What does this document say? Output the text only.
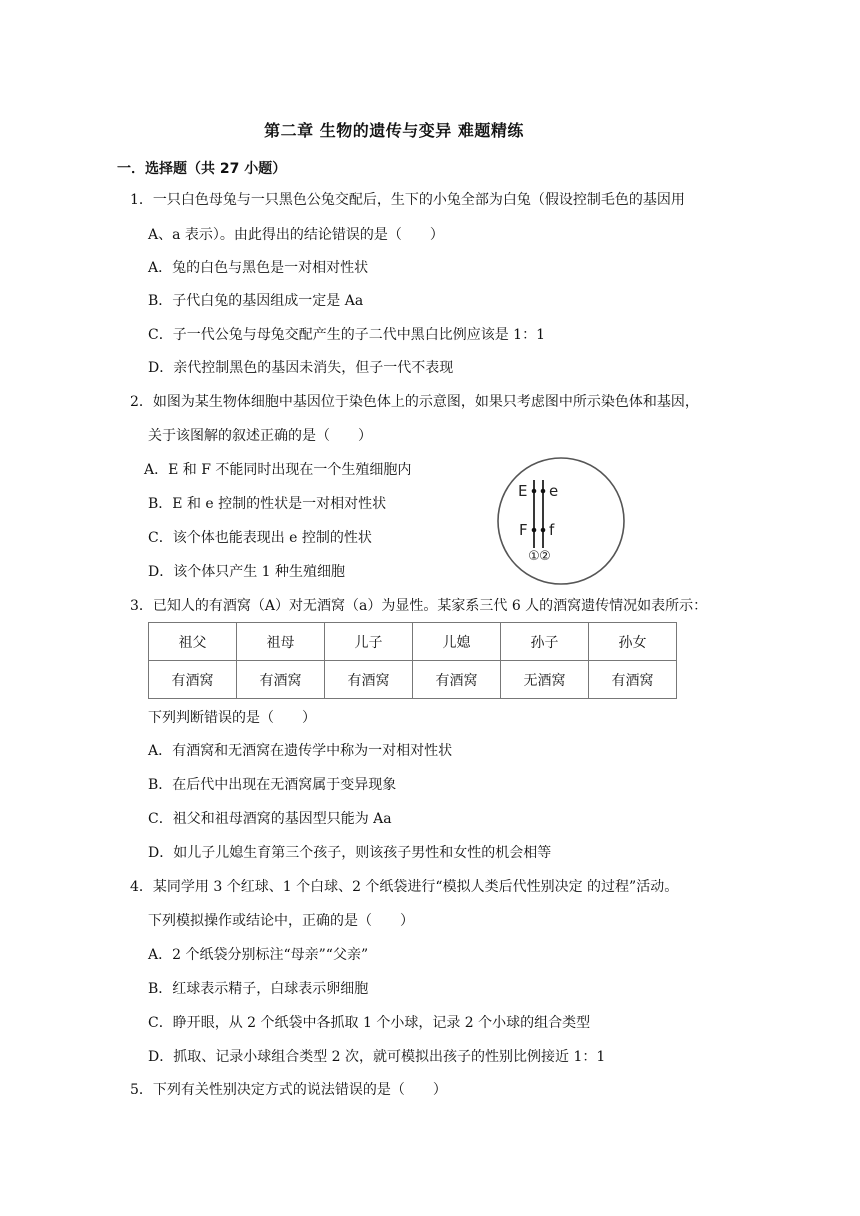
第二章 生物的遗传与变异 难题精练
一．选择题（共 27 小题）
1．一只白色母兔与一只黑色公兔交配后，生下的小兔全部为白兔（假设控制毛色的基因用
A、a 表示）。由此得出的结论错误的是（　　）
A．兔的白色与黑色是一对相对性状
B．子代白兔的基因组成一定是 Aa
C．子一代公兔与母兔交配产生的子二代中黑白比例应该是 1：1
D．亲代控制黑色的基因未消失，但子一代不表现
2．如图为某生物体细胞中基因位于染色体上的示意图，如果只考虑图中所示染色体和基因，
关于该图解的叙述正确的是（　　）
A．E 和 F 不能同时出现在一个生殖细胞内
B．E 和 e 控制的性状是一对相对性状
C．该个体也能表现出 e 控制的性状
D．该个体只产生 1 种生殖细胞
E e
F f
① ②
3．已知人的有酒窝（A）对无酒窝（a）为显性。某家系三代 6 人的酒窝遗传情况如表所示：
祖父	祖母	儿子	儿媳	孙子	孙女
有酒窝	有酒窝	有酒窝	有酒窝	无酒窝	有酒窝
下列判断错误的是（　　）
A．有酒窝和无酒窝在遗传学中称为一对相对性状
B．在后代中出现在无酒窝属于变异现象
C．祖父和祖母酒窝的基因型只能为 Aa
D．如儿子儿媳生育第三个孩子，则该孩子男性和女性的机会相等
4．某同学用 3 个红球、1 个白球、2 个纸袋进行“模拟人类后代性别决定 的过程”活动。
下列模拟操作或结论中，正确的是（　　）
A．2 个纸袋分别标注“母亲”“父亲”
B．红球表示精子，白球表示卵细胞
C．睁开眼，从 2 个纸袋中各抓取 1 个小球，记录 2 个小球的组合类型
D．抓取、记录小球组合类型 2 次，就可模拟出孩子的性别比例接近 1：1
5．下列有关性别决定方式的说法错误的是（　　）
